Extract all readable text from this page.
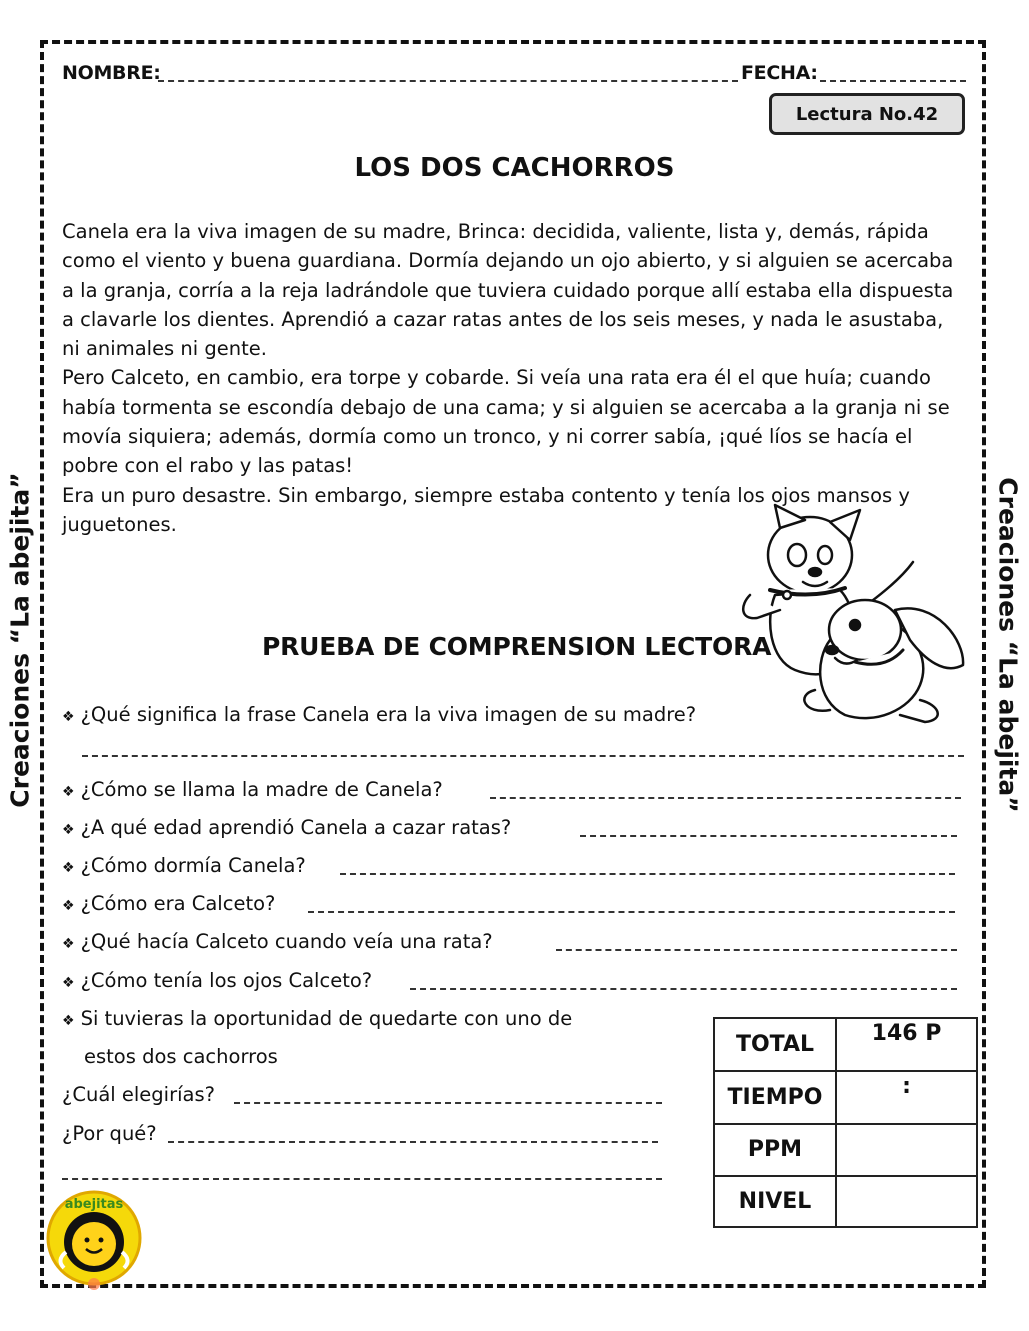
NOMBRE:	FECHA:
Lectura No.42
LOS DOS CACHORROS

Canela era la viva imagen de su madre, Brinca: decidida, valiente, lista y, demás, rápida como el viento y buena guardiana. Dormía dejando un ojo abierto, y si alguien se acercaba a la granja, corría a la reja ladrándole que tuviera cuidado porque allí estaba ella dispuesta a clavarle los dientes. Aprendió a cazar ratas antes de los seis meses, y nada le asustaba, ni animales ni gente.

Pero Calceto, en cambio, era torpe y cobarde. Si veía una rata era él el que huía; cuando había tormenta se escondía debajo de una cama; y si alguien se acercaba a la granja ni se movía siquiera; además, dormía como un tronco, y ni correr sabía, ¡qué líos se hacía el pobre con el rabo y las patas!

Era un puro desastre. Sin embargo, siempre estaba contento y tenía los ojos mansos y juguetones.

PRUEBA DE COMPRENSION LECTORA
❖ ¿Qué significa la frase Canela era la viva imagen de su madre?
❖ ¿Cómo se llama la madre de Canela?
❖ ¿A qué edad aprendió Canela a cazar ratas?
❖ ¿Cómo dormía Canela?
❖ ¿Cómo era Calceto?
❖ ¿Qué hacía Calceto cuando veía una rata?
❖ ¿Cómo tenía los ojos Calceto?
❖ Si tuvieras la oportunidad de quedarte con uno de
estos dos cachorros
¿Cuál elegirías?
¿Por qué?
TOTAL	146 P
TIEMPO	:
PPM	
NIVEL	
Creaciones “La abejita”	Creaciones “La abejita”
abejitas
